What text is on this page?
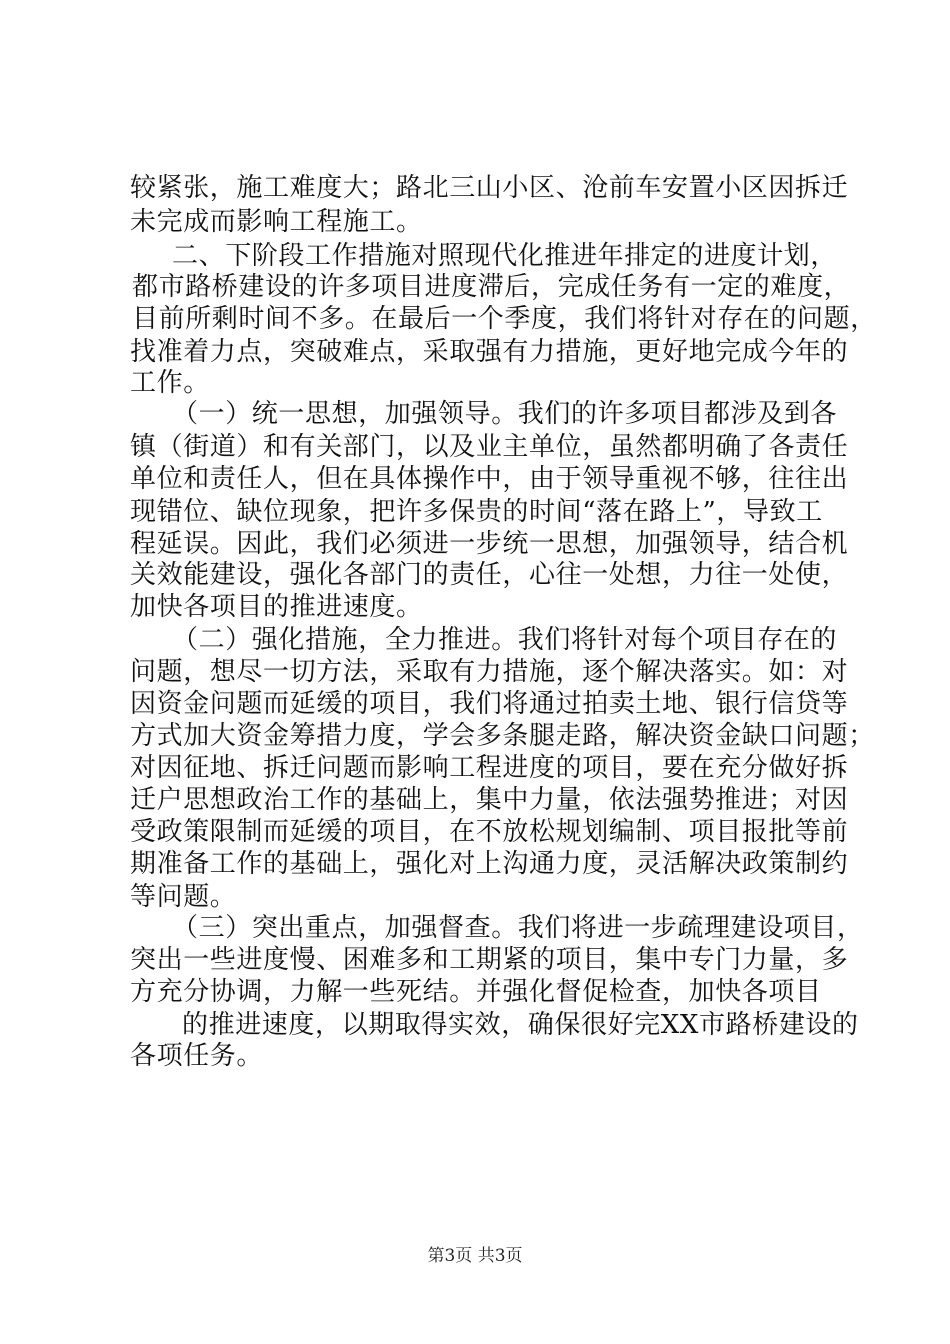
较紧张，施工难度大；路北三山小区、沧前车安置小区因拆迁
未完成而影响工程施工。
二、下阶段工作措施对照现代化推进年排定的进度计划，
都市路桥建设的许多项目进度滞后，完成任务有一定的难度，
目前所剩时间不多。在最后一个季度，我们将针对存在的问题，
找准着力点，突破难点，采取强有力措施，更好地完成今年的
工作。
（一）统一思想，加强领导。我们的许多项目都涉及到各
镇（街道）和有关部门，以及业主单位，虽然都明确了各责任
单位和责任人，但在具体操作中，由于领导重视不够，往往出
现错位、缺位现象，把许多保贵的时间“落在路上”，导致工
程延误。因此，我们必须进一步统一思想，加强领导，结合机
关效能建设，强化各部门的责任，心往一处想，力往一处使，
加快各项目的推进速度。
（二）强化措施，全力推进。我们将针对每个项目存在的
问题，想尽一切方法，采取有力措施，逐个解决落实。如：对
因资金问题而延缓的项目，我们将通过拍卖土地、银行信贷等
方式加大资金筹措力度，学会多条腿走路，解决资金缺口问题；
对因征地、拆迁问题而影响工程进度的项目，要在充分做好拆
迁户思想政治工作的基础上，集中力量，依法强势推进；对因
受政策限制而延缓的项目，在不放松规划编制、项目报批等前
期准备工作的基础上，强化对上沟通力度，灵活解决政策制约
等问题。
（三）突出重点，加强督查。我们将进一步疏理建设项目，
突出一些进度慢、困难多和工期紧的项目，集中专门力量，多
方充分协调，力解一些死结。并强化督促检查，加快各项目
的推进速度，以期取得实效，确保很好完XX市路桥建设的
各项任务。
第3页 共3页
